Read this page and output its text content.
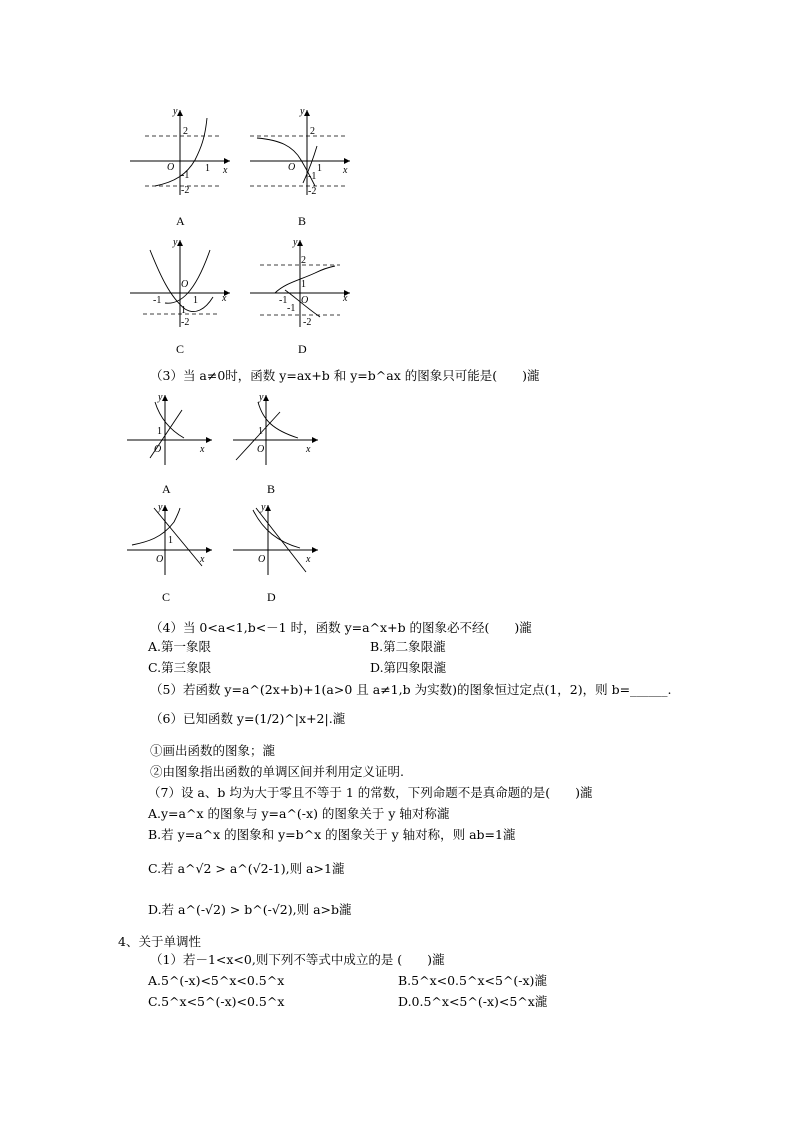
y
x
O
2
1
-1
-2
A
y
x
O
2
1
-1
-2
B
y
x
O
-1	1
1
-2
C
y
x
O
2
1
-1
-1
-2
D
（3）当 a≠0时，函数 y=ax+b 和 y=b^ax 的图象只可能是(　　)瀧
y
x
O
1
A
y
x
O
1
B
y
x
O
1
C
y
x
O
D
（4）当 0<a<1,b<－1 时，函数 y=a^x+b 的图象必不经(　　)瀧
A.第一象限	B.第二象限瀧
C.第三象限	D.第四象限瀧
（5）若函数 y=a^(2x+b)+1(a>0 且 a≠1,b 为实数)的图象恒过定点(1，2)，则 b=______.
（6）已知函数 y=(1/2)^|x+2|.瀧
①画出函数的图象；瀧
②由图象指出函数的单调区间并利用定义证明.
（7）设 a、b 均为大于零且不等于 1 的常数，下列命题不是真命题的是(　　)瀧
A.y=a^x 的图象与 y=a^(-x) 的图象关于 y 轴对称瀧
B.若 y=a^x 的图象和 y=b^x 的图象关于 y 轴对称，则 ab=1瀧
C.若 a^√2 > a^(√2-1),则 a>1瀧
D.若 a^(-√2) > b^(-√2),则 a>b瀧
4、关于单调性
（1）若－1<x<0,则下列不等式中成立的是 (　　)瀧
A.5^(-x)<5^x<0.5^x	B.5^x<0.5^x<5^(-x)瀧
C.5^x<5^(-x)<0.5^x	D.0.5^x<5^(-x)<5^x瀧
